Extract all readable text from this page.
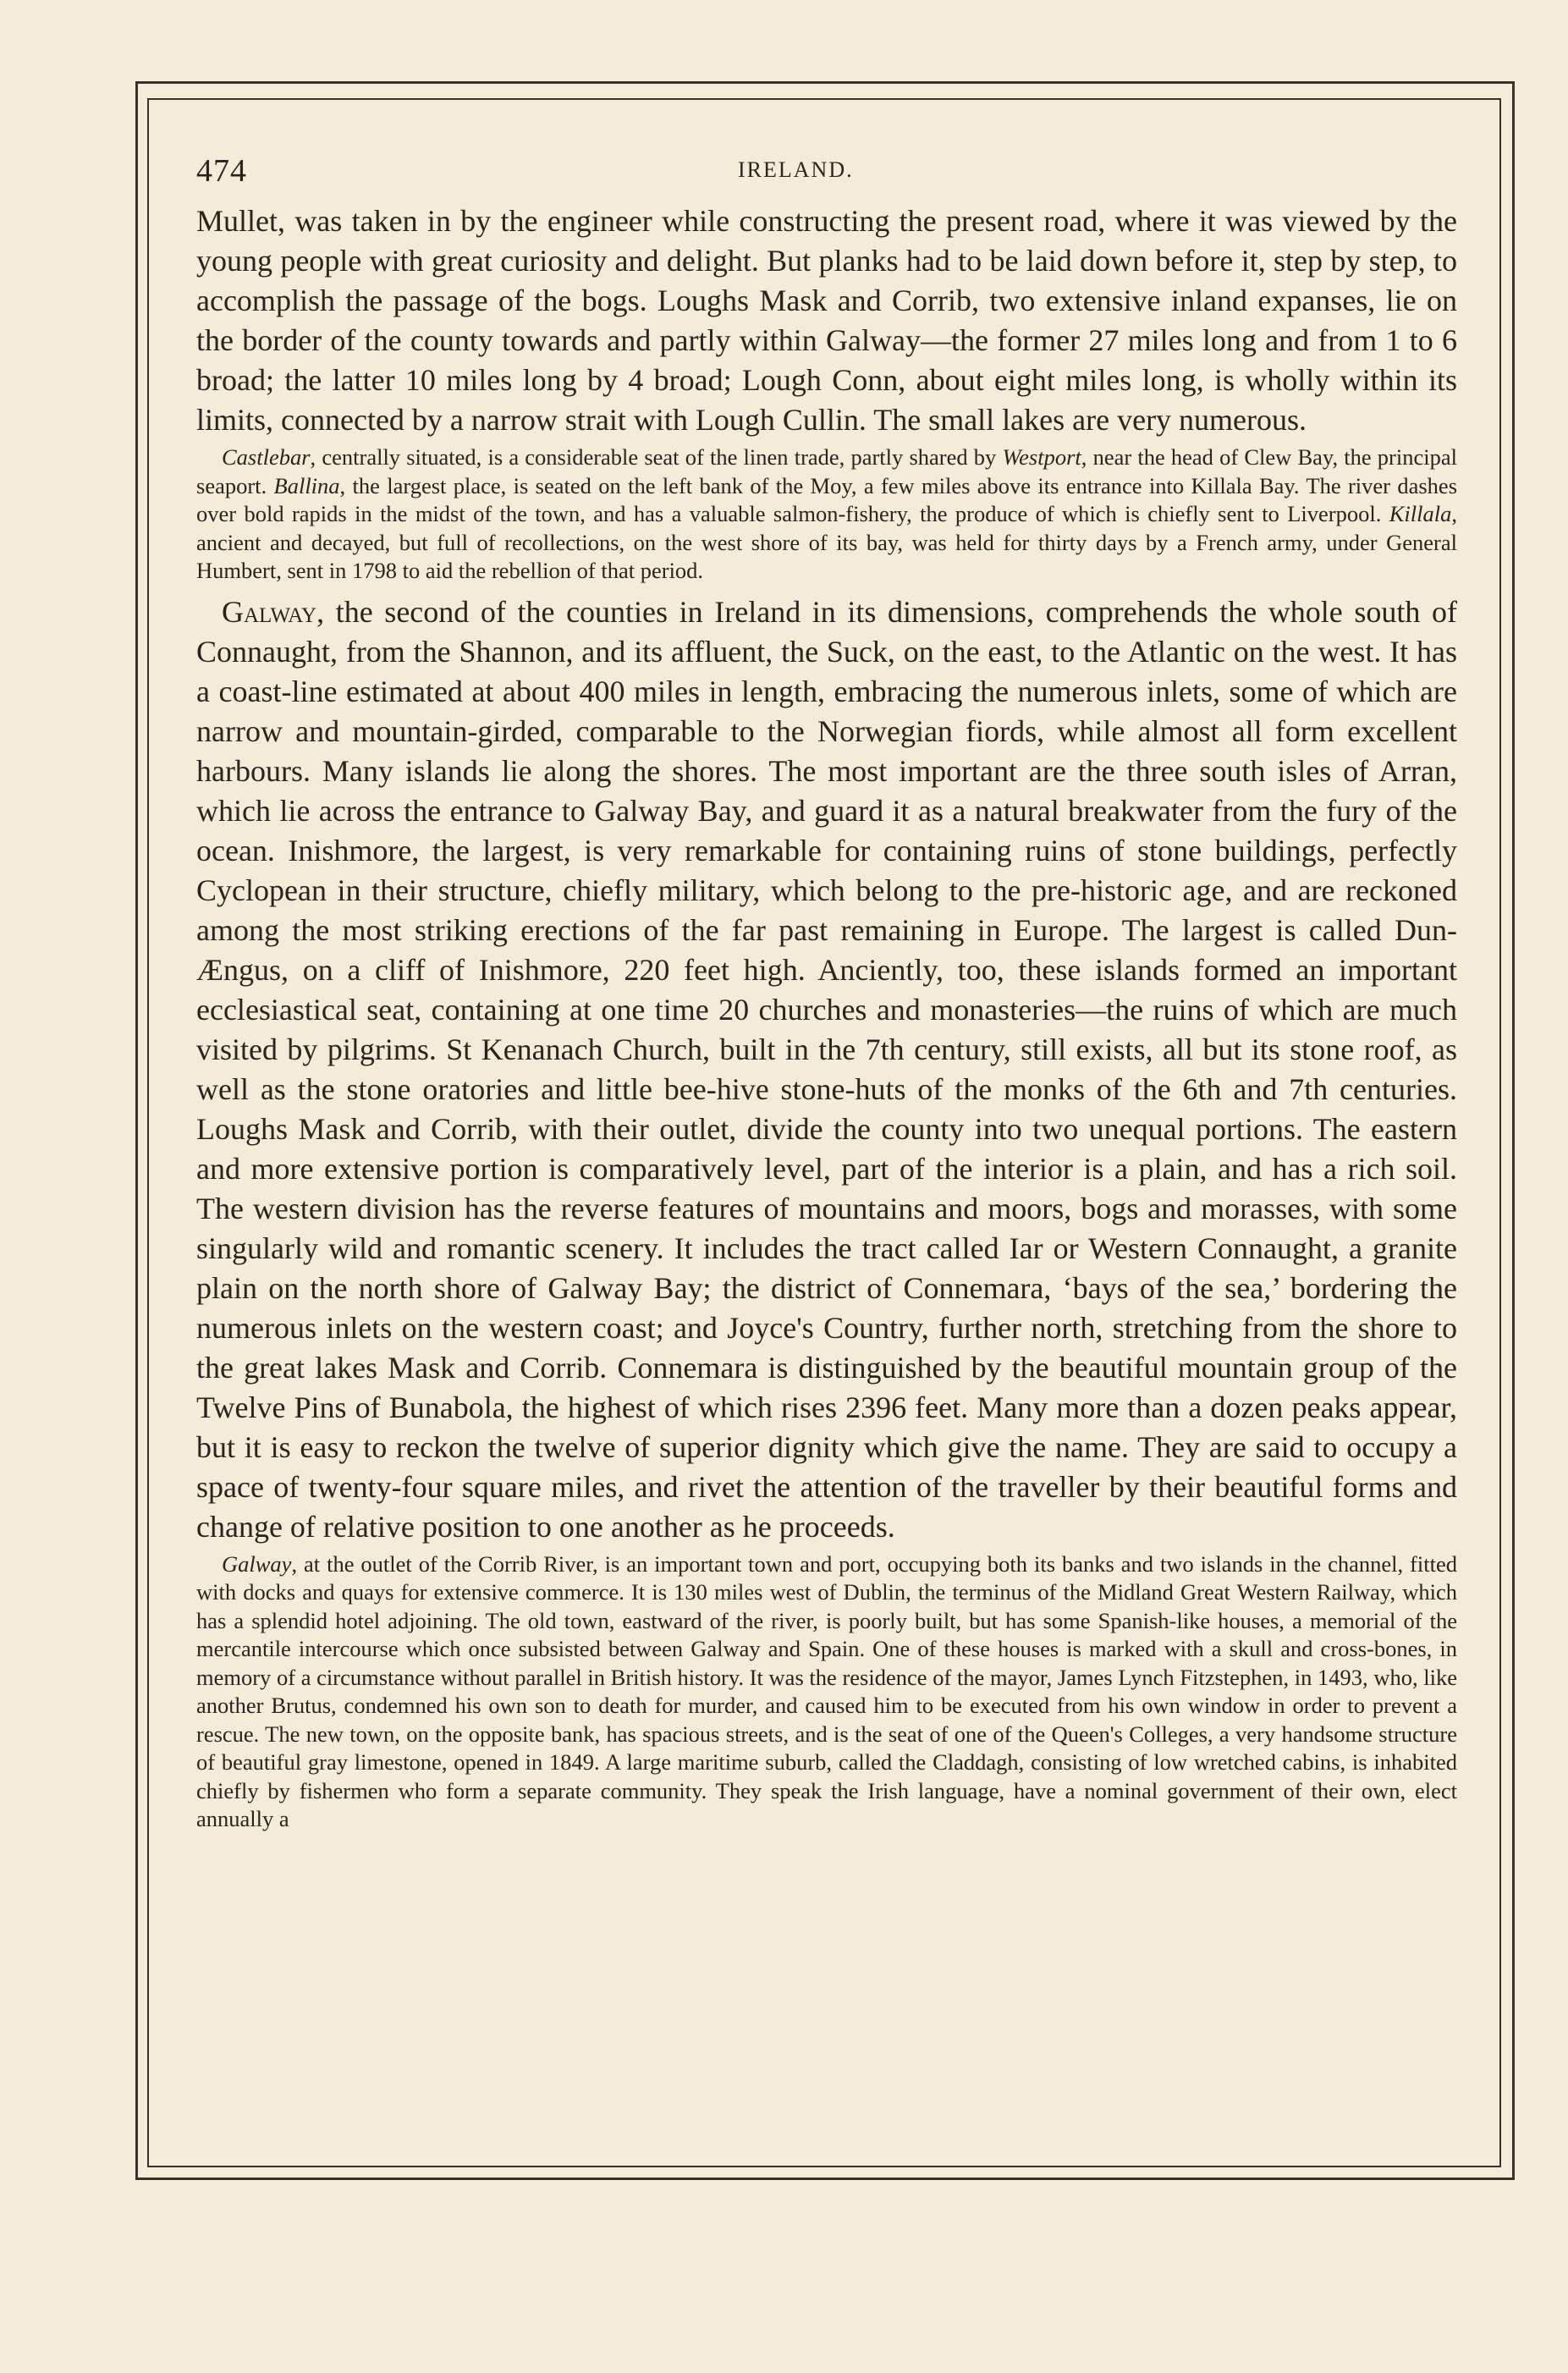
474	IRELAND.

Mullet, was taken in by the engineer while constructing the present road, where it was viewed by the young people with great curiosity and delight. But planks had to be laid down before it, step by step, to accomplish the passage of the bogs. Loughs Mask and Corrib, two extensive inland expanses, lie on the border of the county towards and partly within Galway—the former 27 miles long and from 1 to 6 broad; the latter 10 miles long by 4 broad; Lough Conn, about eight miles long, is wholly within its limits, connected by a narrow strait with Lough Cullin. The small lakes are very numerous.

Castlebar, centrally situated, is a considerable seat of the linen trade, partly shared by Westport, near the head of Clew Bay, the principal seaport. Ballina, the largest place, is seated on the left bank of the Moy, a few miles above its entrance into Killala Bay. The river dashes over bold rapids in the midst of the town, and has a valuable salmon-fishery, the produce of which is chiefly sent to Liverpool. Killala, ancient and decayed, but full of recollections, on the west shore of its bay, was held for thirty days by a French army, under General Humbert, sent in 1798 to aid the rebellion of that period.

Galway, the second of the counties in Ireland in its dimensions, comprehends the whole south of Connaught, from the Shannon, and its affluent, the Suck, on the east, to the Atlantic on the west. It has a coast-line estimated at about 400 miles in length, embracing the numerous inlets, some of which are narrow and mountain-girded, comparable to the Norwegian fiords, while almost all form excellent harbours. Many islands lie along the shores. The most important are the three south isles of Arran, which lie across the entrance to Galway Bay, and guard it as a natural breakwater from the fury of the ocean. Inishmore, the largest, is very remarkable for containing ruins of stone buildings, perfectly Cyclopean in their structure, chiefly military, which belong to the pre-historic age, and are reckoned among the most striking erections of the far past remaining in Europe. The largest is called Dun-Ængus, on a cliff of Inishmore, 220 feet high. Anciently, too, these islands formed an important ecclesiastical seat, containing at one time 20 churches and monasteries—the ruins of which are much visited by pilgrims. St Kenanach Church, built in the 7th century, still exists, all but its stone roof, as well as the stone oratories and little bee-hive stone-huts of the monks of the 6th and 7th centuries. Loughs Mask and Corrib, with their outlet, divide the county into two unequal portions. The eastern and more extensive portion is comparatively level, part of the interior is a plain, and has a rich soil. The western division has the reverse features of mountains and moors, bogs and morasses, with some singularly wild and romantic scenery. It includes the tract called Iar or Western Connaught, a granite plain on the north shore of Galway Bay; the district of Connemara, ‘bays of the sea,’ bordering the numerous inlets on the western coast; and Joyce's Country, further north, stretching from the shore to the great lakes Mask and Corrib. Connemara is distinguished by the beautiful mountain group of the Twelve Pins of Bunabola, the highest of which rises 2396 feet. Many more than a dozen peaks appear, but it is easy to reckon the twelve of superior dignity which give the name. They are said to occupy a space of twenty-four square miles, and rivet the attention of the traveller by their beautiful forms and change of relative position to one another as he proceeds.

Galway, at the outlet of the Corrib River, is an important town and port, occupying both its banks and two islands in the channel, fitted with docks and quays for extensive commerce. It is 130 miles west of Dublin, the terminus of the Midland Great Western Railway, which has a splendid hotel adjoining. The old town, eastward of the river, is poorly built, but has some Spanish-like houses, a memorial of the mercantile intercourse which once subsisted between Galway and Spain. One of these houses is marked with a skull and cross-bones, in memory of a circumstance without parallel in British history. It was the residence of the mayor, James Lynch Fitzstephen, in 1493, who, like another Brutus, condemned his own son to death for murder, and caused him to be executed from his own window in order to prevent a rescue. The new town, on the opposite bank, has spacious streets, and is the seat of one of the Queen's Colleges, a very handsome structure of beautiful gray limestone, opened in 1849. A large maritime suburb, called the Claddagh, consisting of low wretched cabins, is inhabited chiefly by fishermen who form a separate community. They speak the Irish language, have a nominal government of their own, elect annually a
